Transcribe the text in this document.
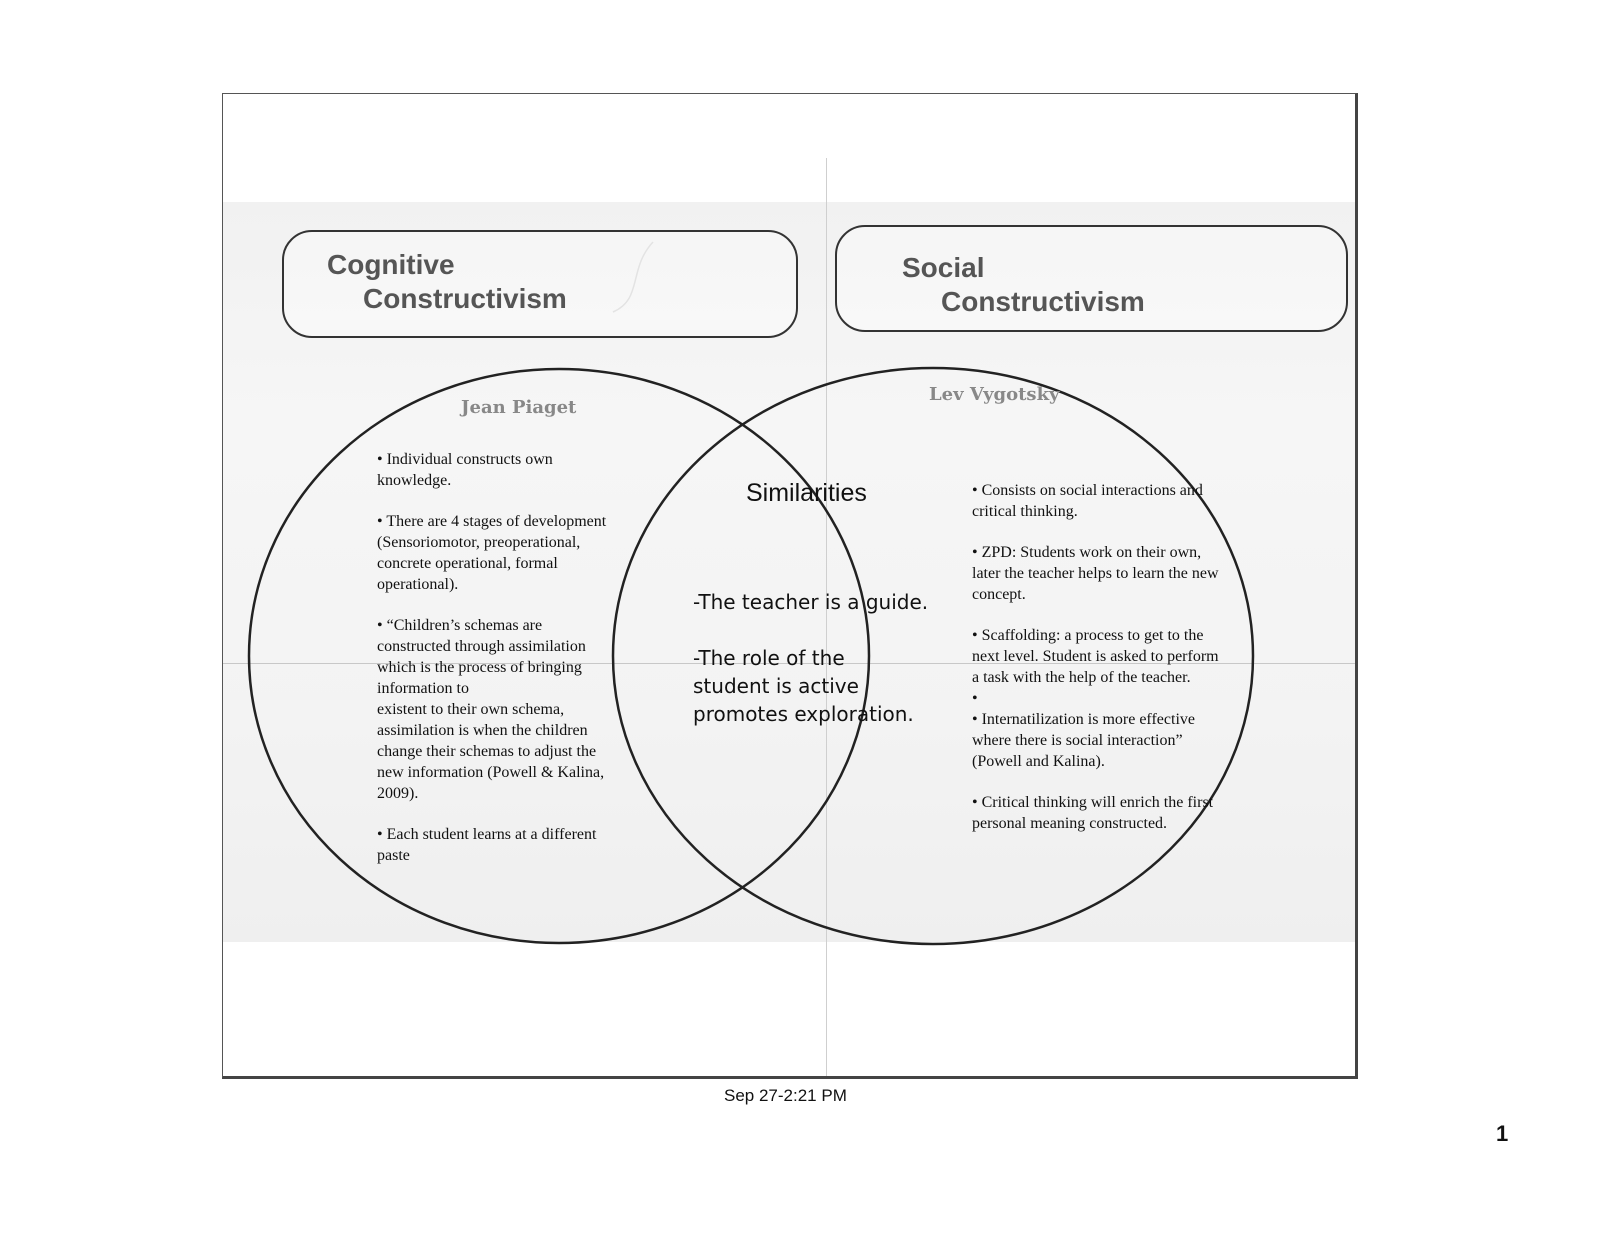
Cognitive
Constructivism
Social
Constructivism
Jean Piaget
Lev Vygotsky

• Individual constructs own
knowledge.

• There are 4 stages of development
(Sensoriomotor, preoperational,
concrete operational, formal
operational).

• “Children’s schemas are
constructed through assimilation
which is the process of bringing
information to
existent to their own schema,
assimilation is when the children
change their schemas to adjust the
new information (Powell & Kalina,
2009).

• Each student learns at a different
paste

• Consists on social interactions and
critical thinking.

• ZPD: Students work on their own,
later the teacher helps to learn the new
concept.

• Scaffolding: a process to get to the
next level. Student is asked to perform
a task with the help of the teacher.
•

• Internatilization is more effective
where there is social interaction”
(Powell and Kalina).

• Critical thinking will enrich the first
personal meaning constructed.

Similarities
-The teacher is a guide.
-The role of the
student is active
promotes exploration.
Sep 27-2:21 PM
1
